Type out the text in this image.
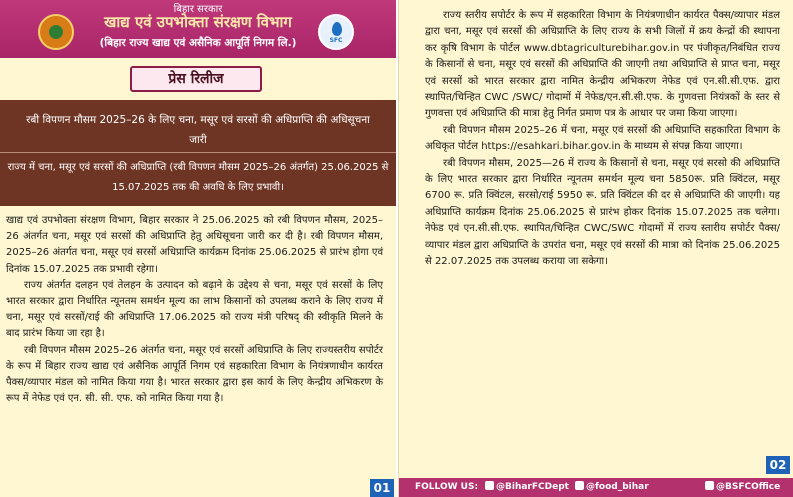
बिहार सरकार
खाद्य एवं उपभोक्ता संरक्षण विभाग
(बिहार राज्य खाद्य एवं असैनिक आपूर्ति निगम लि.)	SFC
प्रेस रिलीज
रबी विपणन मौसम 2025–26 के लिए चना, मसूर एवं सरसों की अधिप्राप्ति की अधिसूचना जारी
राज्य में चना, मसूर एवं सरसों की अधिप्राप्ति (रबी विपणन मौसम 2025–26 अंतर्गत) 25.06.2025 से 15.07.2025 तक की अवधि के लिए प्रभावी।

खाद्य एवं उपभोक्ता संरक्षण विभाग, बिहार सरकार ने 25.06.2025 को रबी विपणन मौसम, 2025–26 अंतर्गत चना, मसूर एवं सरसों की अधिप्राप्ति हेतु अधिसूचना जारी कर दी है। रबी विपणन मौसम, 2025–26 अंतर्गत चना, मसूर एवं सरसों अधिप्राप्ति कार्यक्रम दिनांक 25.06.2025 से प्रारंभ होगा एवं दिनांक 15.07.2025 तक प्रभावी रहेगा।

राज्य अंतर्गत दलहन एवं तेलहन के उत्पादन को बढ़ाने के उद्देश्य से चना, मसूर एवं सरसों के लिए भारत सरकार द्वारा निर्धारित न्यूनतम समर्थन मूल्य का लाभ किसानों को उपलब्ध कराने के लिए राज्य में चना, मसूर एवं सरसों/राई की अधिप्राप्ति 17.06.2025 को राज्य मंत्री परिषद् की स्वीकृति मिलने के बाद प्रारंभ किया जा रहा है।

रबी विपणन मौसम 2025–26 अंतर्गत चना, मसूर एवं सरसों अधिप्राप्ति के लिए राज्यस्तरीय सपोर्टर के रूप में बिहार राज्य खाद्य एवं असैनिक आपूर्ति निगम एवं सहकारिता विभाग के नियंत्रणाधीन कार्यरत पैक्स/व्यापार मंडल को नामित किया गया है। भारत सरकार द्वारा इस कार्य के लिए केन्द्रीय अभिकरण के रूप में नेफेड एवं एन. सी. सी. एफ. को नामित किया गया है।

01

राज्य स्तरीय सपोर्टर के रूप में सहकारिता विभाग के नियंत्रणाधीन कार्यरत पैक्स/व्यापार मंडल द्वारा चना, मसूर एवं सरसों की अधिप्राप्ति के लिए राज्य के सभी जिलों में क्रय केन्द्रों की स्थापना कर कृषि विभाग के पोर्टल www.dbtagriculturebihar.gov.in पर पंजीकृत/निबंधित राज्य के किसानों से चना, मसूर एवं सरसों की अधिप्राप्ति की जाएगी तथा अधिप्राप्ति से प्राप्त चना, मसूर एवं सरसों को भारत सरकार द्वारा नामित केन्द्रीय अभिकरण नेफेड एवं एन.सी.सी.एफ. द्वारा स्थापित/चिन्हित CWC /SWC/ गोदामों में नेफेड/एन.सी.सी.एफ. के गुणवत्ता नियंत्रकों के स्तर से गुणवत्ता एवं अधिप्राप्ति की मात्रा हेतु निर्गत प्रमाण पत्र के आधार पर जमा किया जाएगा।

रबी विपणन मौसम 2025–26 में चना, मसूर एवं सरसों की अधिप्राप्ति सहकारिता विभाग के अधिकृत पोर्टल https://esahkari.bihar.gov.in के माध्यम से संपन्न किया जाएगा।

रबी विपणन मौसम, 2025—26 में राज्य के किसानों से चना, मसूर एवं सरसो की अधिप्राप्ति के लिए भारत सरकार द्वारा निर्धारित न्यूनतम समर्थन मूल्य चना 5850रू. प्रति क्विंटल, मसूर 6700 रू. प्रति क्विंटल, सरसो/राई 5950 रू. प्रति क्विंटल की दर से अधिप्राप्ति की जाएगी। यह अधिप्राप्ति कार्यक्रम दिनांक 25.06.2025 से प्रारंभ होकर दिनांक 15.07.2025 तक चलेगा। नेफेड एवं एन.सी.सी.एफ. स्थापित/चिन्हित CWC/SWC गोदामों में राज्य स्तारीय सपोर्टर पैक्स/व्यापार मंडल द्वारा अधिप्राप्ति के उपरांत चना, मसूर एवं सरसों की मात्रा को दिनांक 25.06.2025 से 22.07.2025 तक उपलब्ध कराया जा सकेगा।

02
FOLLOW US:	@BiharFCDept	@food_bihar	@BSFCOffice
